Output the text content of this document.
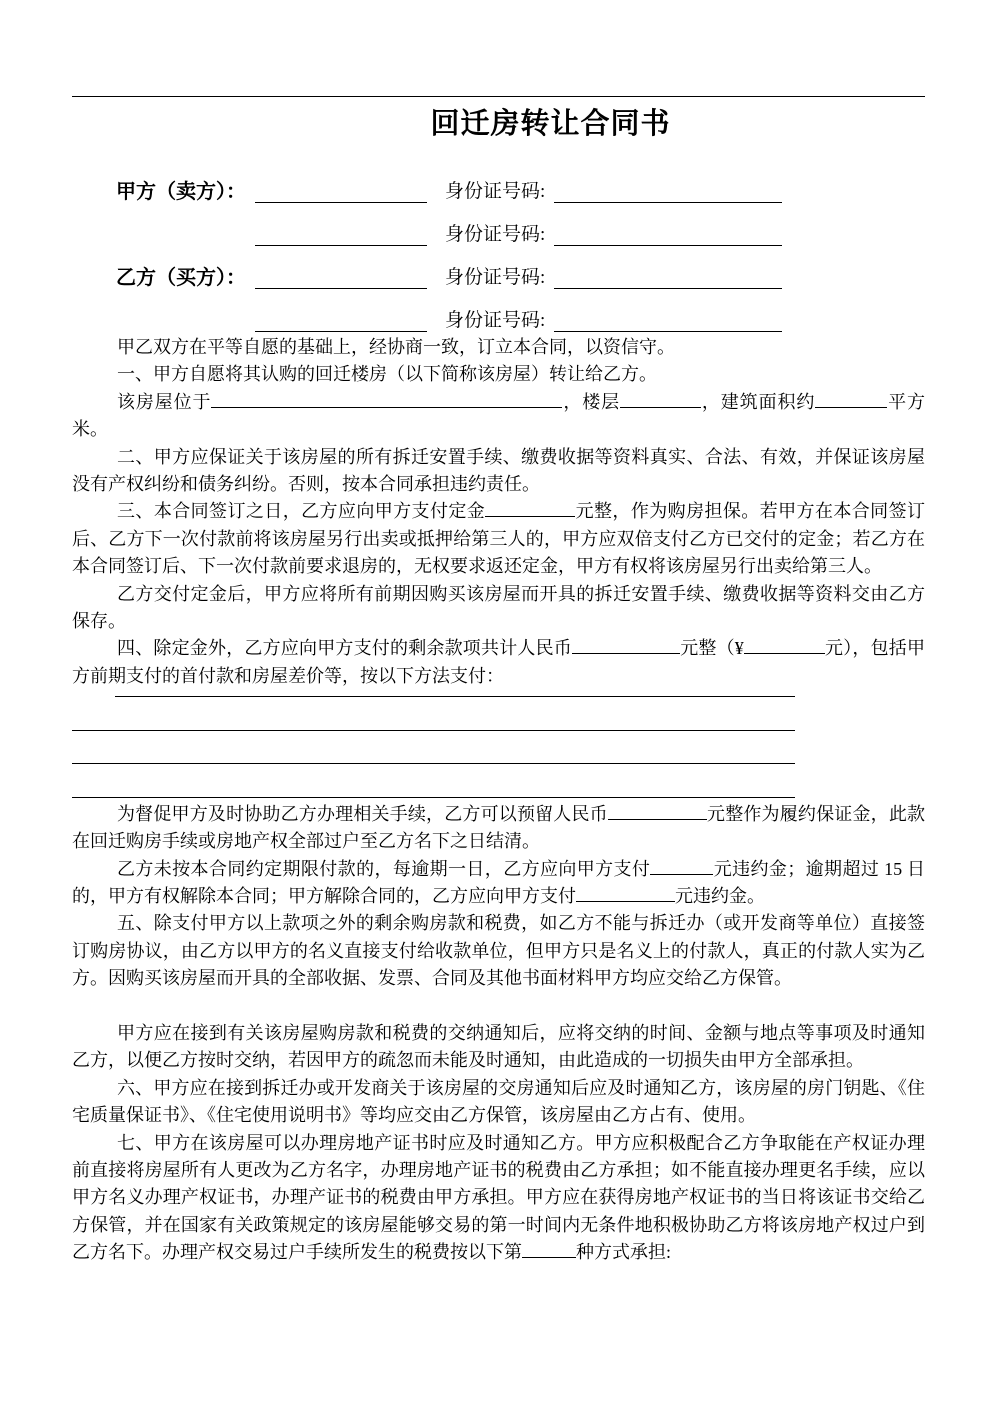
回迁房转让合同书
甲方（卖方）：	身份证号码:
身份证号码:
乙方（买方）：	身份证号码:
身份证号码:
甲乙双方在平等自愿的基础上，经协商一致，订立本合同，以资信守。
一、甲方自愿将其认购的回迁楼房（以下简称该房屋）转让给乙方。
该房屋位于	，楼层	，建筑面积约	平方米。
二、甲方应保证关于该房屋的所有拆迁安置手续、缴费收据等资料真实、合法、有效，并保证该房屋没有产权纠纷和债务纠纷。否则，按本合同承担违约责任。
三、本合同签订之日，乙方应向甲方支付定金	元整，作为购房担保。若甲方在本合同签订后、乙方下一次付款前将该房屋另行出卖或抵押给第三人的，甲方应双倍支付乙方已交付的定金；若乙方在本合同签订后、下一次付款前要求退房的，无权要求返还定金，甲方有权将该房屋另行出卖给第三人。
乙方交付定金后，甲方应将所有前期因购买该房屋而开具的拆迁安置手续、缴费收据等资料交由乙方保存。
四、除定金外，乙方应向甲方支付的剩余款项共计人民币	元整（¥	元），包括甲方前期支付的首付款和房屋差价等，按以下方法支付：
为督促甲方及时协助乙方办理相关手续，乙方可以预留人民币	元整作为履约保证金，此款在回迁购房手续或房地产权全部过户至乙方名下之日结清。
乙方未按本合同约定期限付款的，每逾期一日，乙方应向甲方支付	元违约金；逾期超过 15 日的，甲方有权解除本合同；甲方解除合同的，乙方应向甲方支付	元违约金。
五、除支付甲方以上款项之外的剩余购房款和税费，如乙方不能与拆迁办（或开发商等单位）直接签订购房协议，由乙方以甲方的名义直接支付给收款单位，但甲方只是名义上的付款人，真正的付款人实为乙方。因购买该房屋而开具的全部收据、发票、合同及其他书面材料甲方均应交给乙方保管。
甲方应在接到有关该房屋购房款和税费的交纳通知后，应将交纳的时间、金额与地点等事项及时通知乙方，以便乙方按时交纳，若因甲方的疏忽而未能及时通知，由此造成的一切损失由甲方全部承担。
六、甲方应在接到拆迁办或开发商关于该房屋的交房通知后应及时通知乙方，该房屋的房门钥匙、《住宅质量保证书》、《住宅使用说明书》等均应交由乙方保管，该房屋由乙方占有、使用。
七、甲方在该房屋可以办理房地产证书时应及时通知乙方。甲方应积极配合乙方争取能在产权证办理前直接将房屋所有人更改为乙方名字，办理房地产证书的税费由乙方承担；如不能直接办理更名手续，应以甲方名义办理产权证书，办理产证书的税费由甲方承担。甲方应在获得房地产权证书的当日将该证书交给乙方保管，并在国家有关政策规定的该房屋能够交易的第一时间内无条件地积极协助乙方将该房地产权过户到乙方名下。办理产权交易过户手续所发生的税费按以下第	种方式承担:
